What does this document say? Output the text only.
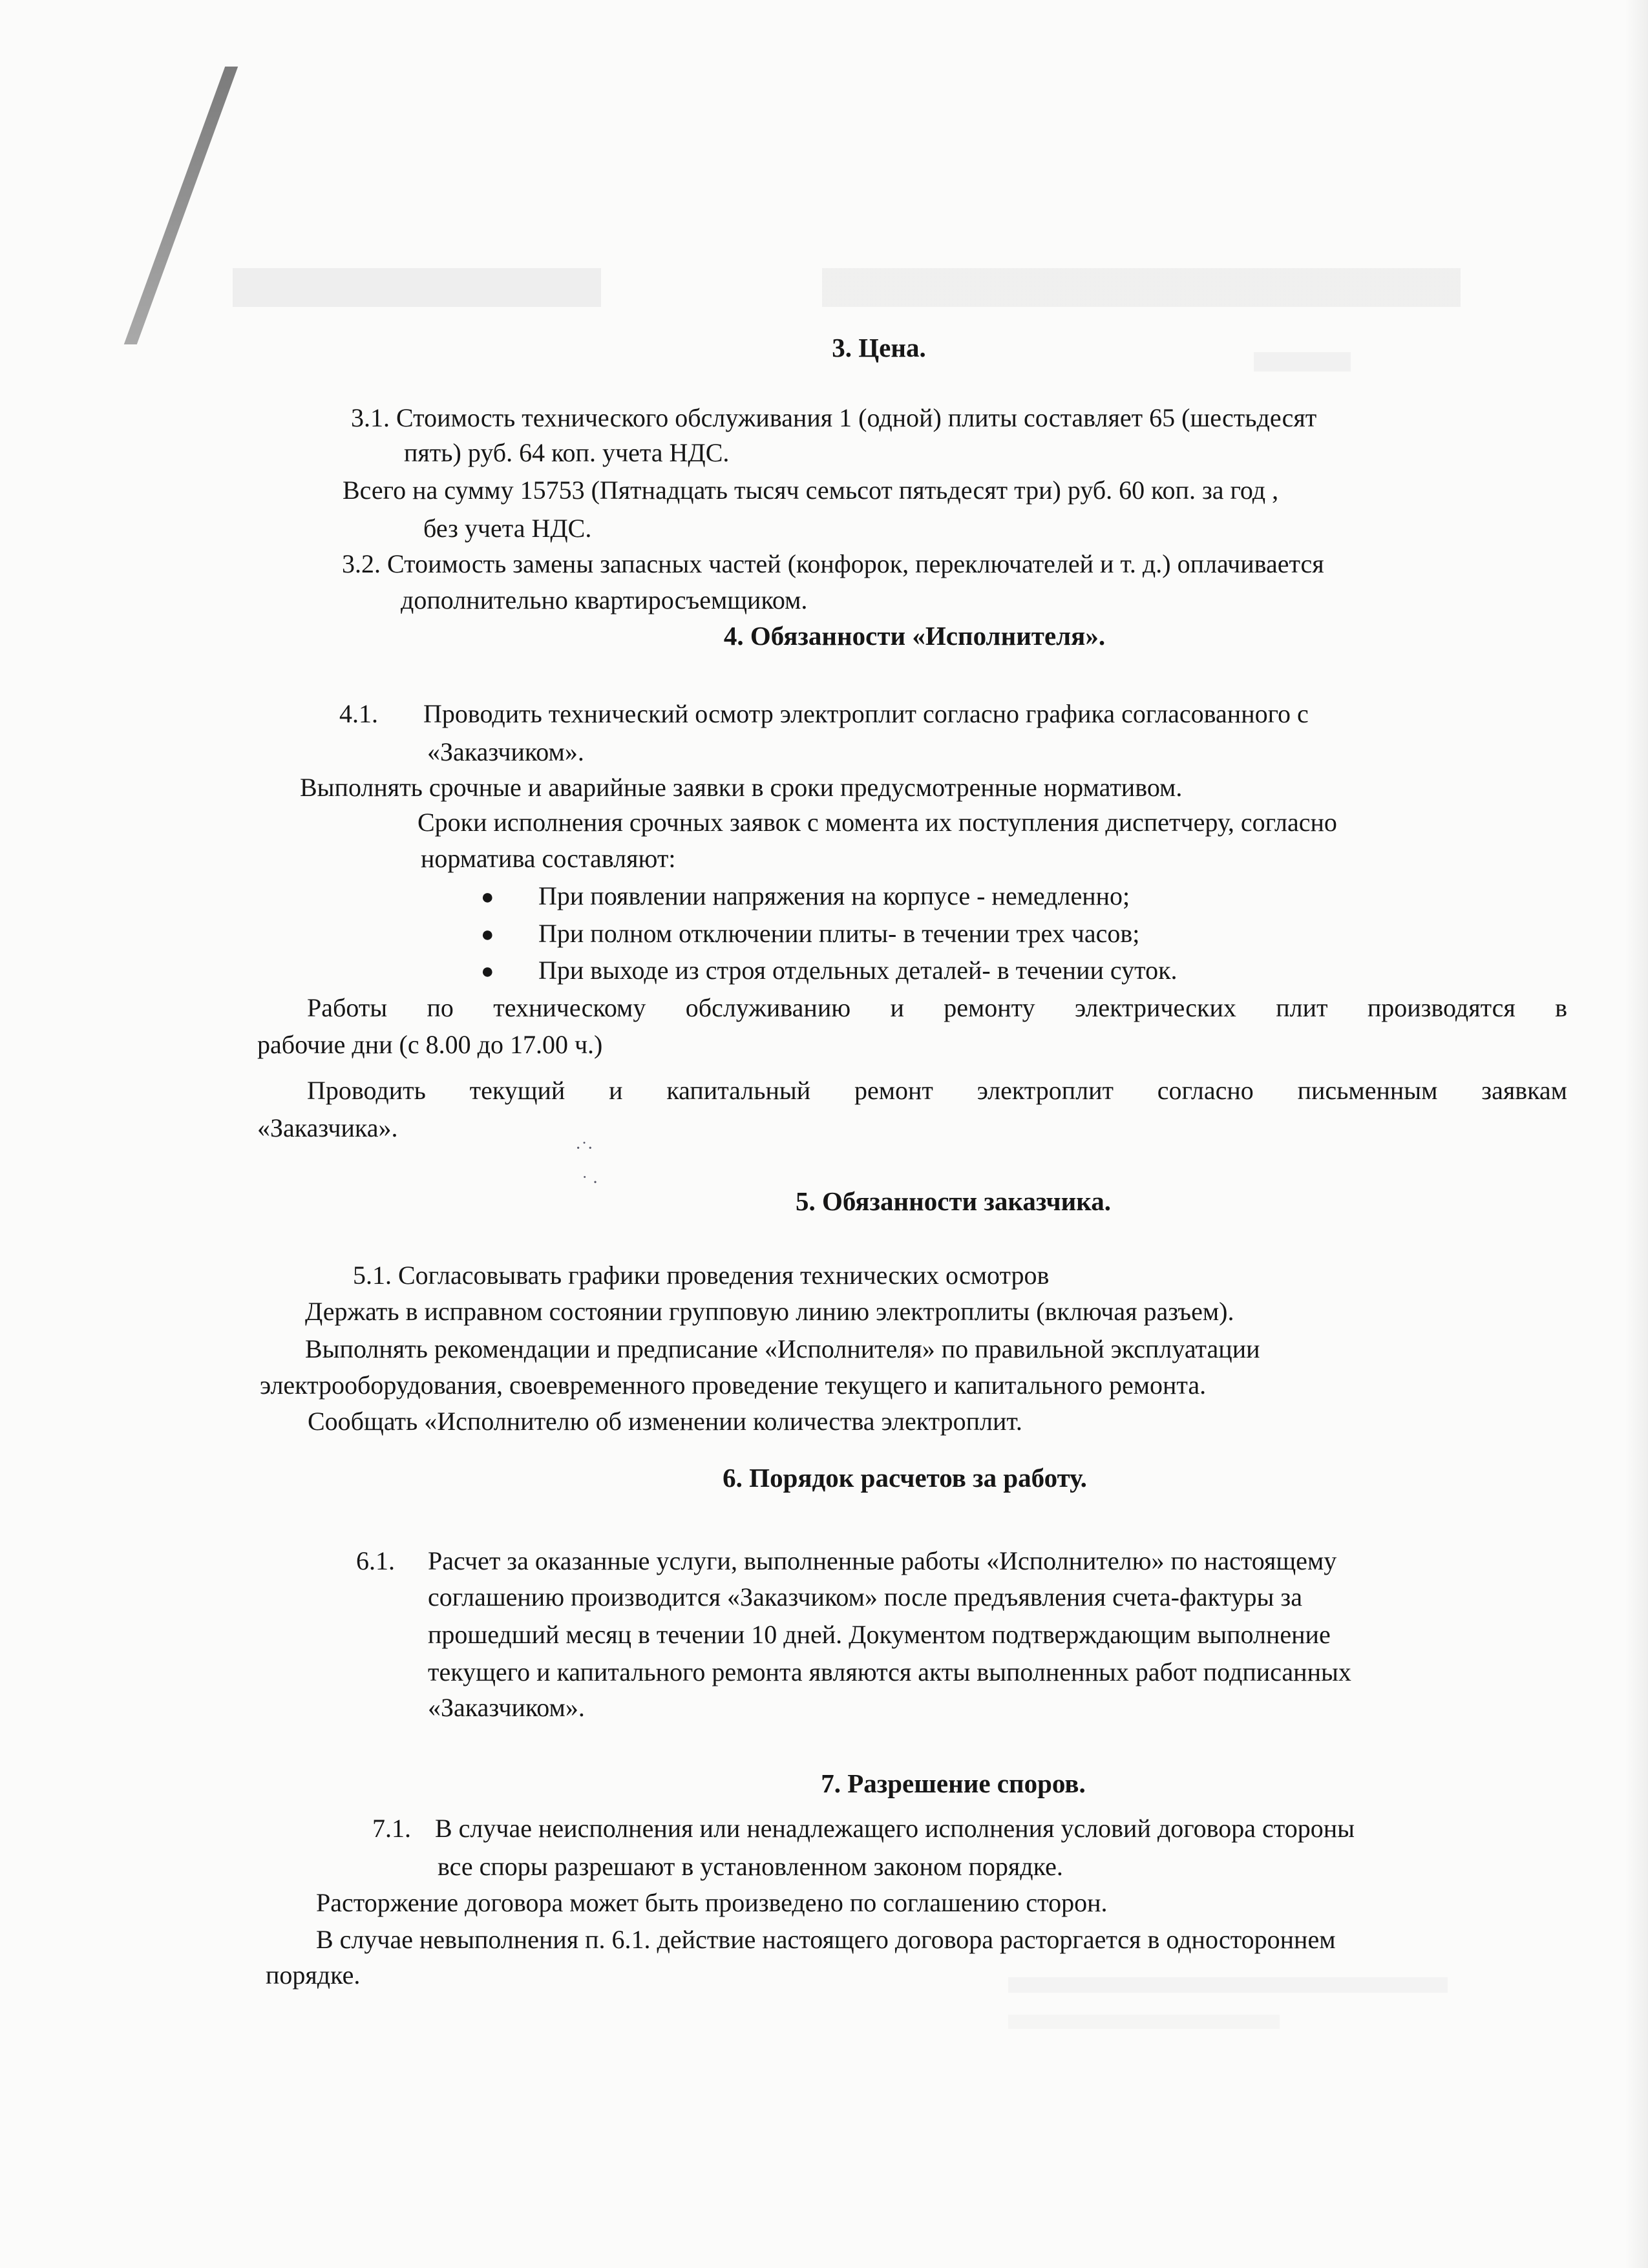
3. Цена.
3.1. Стоимость технического обслуживания 1 (одной) плиты составляет 65 (шестьдесят
пять) руб. 64 коп. учета НДС.
Всего на сумму 15753 (Пятнадцать тысяч семьсот пятьдесят три) руб. 60 коп. за год ,
без учета НДС.
3.2. Стоимость замены запасных частей (конфорок, переключателей и т. д.) оплачивается
дополнительно квартиросъемщиком.
4. Обязанности «Исполнителя».
4.1. Проводить технический осмотр электроплит согласно графика согласованного с
«Заказчиком».
Выполнять срочные и аварийные заявки в сроки предусмотренные нормативом.
Сроки исполнения срочных заявок с момента их поступления диспетчеру, согласно
норматива составляют:
● При появлении напряжения на корпусе - немедленно;
● При полном отключении плиты- в течении трех часов;
● При выходе из строя отдельных деталей- в течении суток.
Работы по техническому обслуживанию и ремонту электрических плит производятся в
рабочие дни (с 8.00 до 17.00 ч.)
Проводить текущий и капитальный ремонт электроплит согласно письменным заявкам
«Заказчика».
·˙·
˙ ·
5. Обязанности заказчика.
5.1. Согласовывать графики проведения технических осмотров
Держать в исправном состоянии групповую линию электроплиты (включая разъем).
Выполнять рекомендации и предписание «Исполнителя» по правильной эксплуатации
электрооборудования, своевременного проведение текущего и капитального ремонта.
Сообщать «Исполнителю об изменении количества электроплит.
6. Порядок расчетов за работу.
6.1. Расчет за оказанные услуги, выполненные работы «Исполнителю» по настоящему
соглашению производится «Заказчиком» после предъявления счета-фактуры за
прошедший месяц в течении 10 дней. Документом подтверждающим выполнение
текущего и капитального ремонта являются акты выполненных работ подписанных
«Заказчиком».
7. Разрешение споров.
7.1. В случае неисполнения или ненадлежащего исполнения условий договора стороны
все споры разрешают в установленном законом порядке.
Расторжение договора может быть произведено по соглашению сторон.
В случае невыполнения п. 6.1. действие настоящего договора расторгается в одностороннем
порядке.
